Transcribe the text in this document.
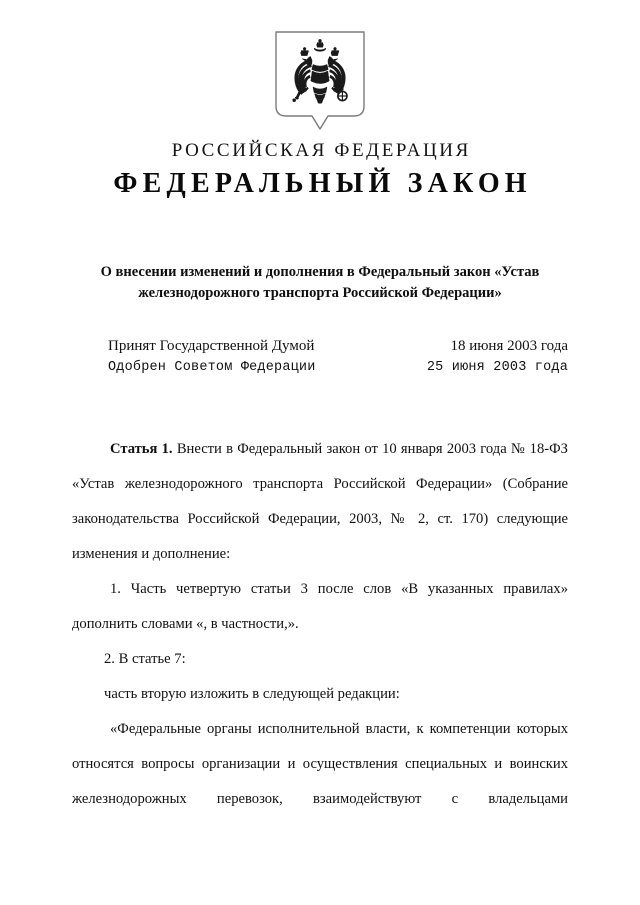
РОССИЙСКАЯ ФЕДЕРАЦИЯ
ФЕДЕРАЛЬНЫЙ ЗАКОН
О внесении изменений и дополнения в Федеральный закон «Устав железнодорожного транспорта Российской Федерации»
Принят Государственной Думой	18 июня 2003 года
Одобрен Советом Федерации	25 июня 2003 года

Статья 1. Внести в Федеральный закон от 10 января 2003 года № 18-ФЗ «Устав железнодорожного транспорта Российской Федерации» (Собрание законодательства Российской Федерации, 2003, № 2, ст. 170) следующие изменения и дополнение:

1. Часть четвертую статьи 3 после слов «В указанных правилах» дополнить словами «, в частности,».

2. В статье 7:

часть вторую изложить в следующей редакции:

«Федеральные органы исполнительной власти, к компетенции которых относятся вопросы организации и осуществления специальных и воинских железнодорожных перевозок, взаимодействуют с владельцами
